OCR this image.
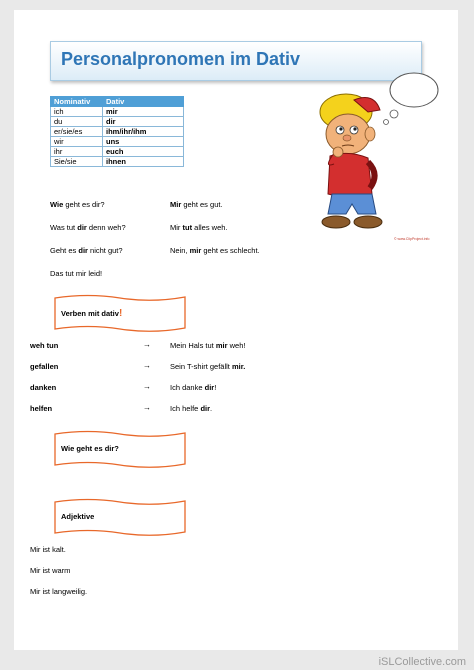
Personalpronomen im Dativ
Nominativ	Dativ
ich	mir
du	dir
er/sie/es	ihm/ihr/ihm
wir	uns
ihr	euch
Sie/sie	ihnen
© www.ClipProject.info
Wie geht es dir?	Mir geht es gut.
Was tut dir denn weh?	Mir tut alles weh.
Geht es dir nicht gut?	Nein, mir geht es schlecht.
Das tut mir leid!
Verben mit dativ!
weh tun	→	Mein Hals tut mir weh!
gefallen	→	Sein T-shirt gefällt mir.
danken	→	Ich danke dir!
helfen	→	Ich helfe dir.
Wie geht es dir?
Adjektive
Mir ist kalt.
Mir ist warm
Mir ist langweilig.
iSLCollective.com
